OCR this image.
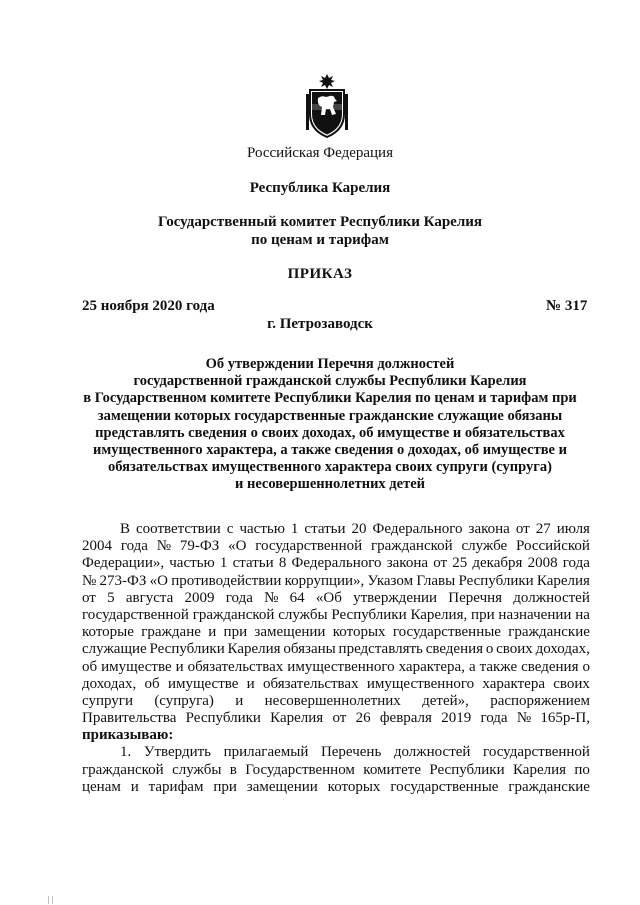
Российская Федерация
Республика Карелия
Государственный комитет Республики Карелия
по ценам и тарифам
ПРИКАЗ
25 ноября 2020 года	№ 317
г. Петрозаводск
Об утверждении Перечня должностей
государственной гражданской службы Республики Карелия
в Государственном комитете Республики Карелия по ценам и тарифам при
замещении которых государственные гражданские служащие обязаны
представлять сведения о своих доходах, об имуществе и обязательствах
имущественного характера, а также сведения о доходах, об имуществе и
обязательствах имущественного характера своих супруги (супруга)
и несовершеннолетних детей
В соответствии с частью 1 статьи 20 Федерального закона от 27 июля
2004 года № 79-ФЗ «О государственной гражданской службе Российской
Федерации», частью 1 статьи 8 Федерального закона от 25 декабря 2008 года
№ 273-ФЗ «О противодействии коррупции», Указом Главы Республики Карелия
от 5 августа 2009 года № 64 «Об утверждении Перечня должностей
государственной гражданской службы Республики Карелия, при назначении на
которые граждане и при замещении которых государственные гражданские
служащие Республики Карелия обязаны представлять сведения о своих доходах,
об имуществе и обязательствах имущественного характера, а также сведения о
доходах, об имуществе и обязательствах имущественного характера своих
супруги (супруга) и несовершеннолетних детей», распоряжением
Правительства Республики Карелия от 26 февраля 2019 года № 165р-П,
приказываю:
1. Утвердить прилагаемый Перечень должностей государственной
гражданской службы в Государственном комитете Республики Карелия по
ценам и тарифам при замещении которых государственные гражданские
| |
